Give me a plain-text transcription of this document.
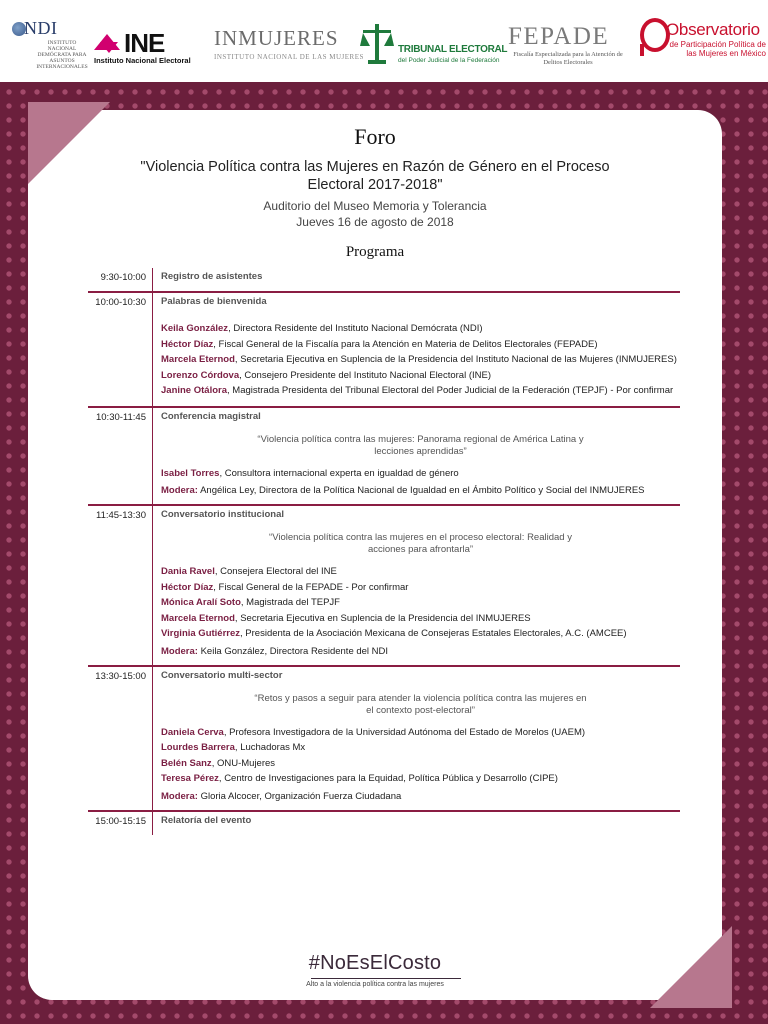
NDI
INSTITUTO NACIONAL DEMÓCRATA PARA ASUNTOS INTERNACIONALES
INE
Instituto Nacional Electoral
INMUJERES
INSTITUTO NACIONAL DE LAS MUJERES
TRIBUNAL ELECTORAL
del Poder Judicial de la Federación
FEPADE
Fiscalía Especializada para la Atención de Delitos Electorales
Observatorio
de Participación Política de las Mujeres en México
Foro
"Violencia Política contra las Mujeres en Razón de Género en el Proceso Electoral 2017-2018"
Auditorio del Museo Memoria y Tolerancia
Jueves 16 de agosto de 2018
Programa
9:30-10:00	Registro de asistentes
10:00-10:30	Palabras de bienvenida
Keila González, Directora Residente del Instituto Nacional Demócrata (NDI)
Héctor Díaz, Fiscal General de la Fiscalía para la Atención en Materia de Delitos Electorales (FEPADE)
Marcela Eternod, Secretaria Ejecutiva en Suplencia de la Presidencia del Instituto Nacional de las Mujeres (INMUJERES)
Lorenzo Córdova, Consejero Presidente del Instituto Nacional Electoral (INE)
Janine Otálora, Magistrada Presidenta del Tribunal Electoral del Poder Judicial de la Federación (TEPJF) - Por confirmar
10:30-11:45	Conferencia magistral
“Violencia política contra las mujeres: Panorama regional de América Latina y lecciones aprendidas”
Isabel Torres, Consultora internacional experta en igualdad de género
Modera: Angélica Ley, Directora de la Política Nacional de Igualdad en el Ámbito Político y Social del INMUJERES
11:45-13:30	Conversatorio institucional
“Violencia política contra las mujeres en el proceso electoral: Realidad y acciones para afrontarla”
Dania Ravel, Consejera Electoral del INE
Héctor Díaz, Fiscal General de la FEPADE - Por confirmar
Mónica Aralí Soto, Magistrada del TEPJF
Marcela Eternod, Secretaria Ejecutiva en Suplencia de la Presidencia del INMUJERES
Virginia Gutiérrez, Presidenta de la Asociación Mexicana de Consejeras Estatales Electorales, A.C. (AMCEE)
Modera: Keila González, Directora Residente del NDI
13:30-15:00	Conversatorio multi-sector
“Retos y pasos a seguir para atender la violencia política contra las mujeres en el contexto post-electoral”
Daniela Cerva, Profesora Investigadora de la Universidad Autónoma del Estado de Morelos (UAEM)
Lourdes Barrera, Luchadoras Mx
Belén Sanz, ONU-Mujeres
Teresa Pérez, Centro de Investigaciones para la Equidad, Política Pública y Desarrollo (CIPE)
Modera: Gloria Alcocer, Organización Fuerza Ciudadana
15:00-15:15	Relatoría del evento
#NoEsElCosto
Alto a la violencia política contra las mujeres
